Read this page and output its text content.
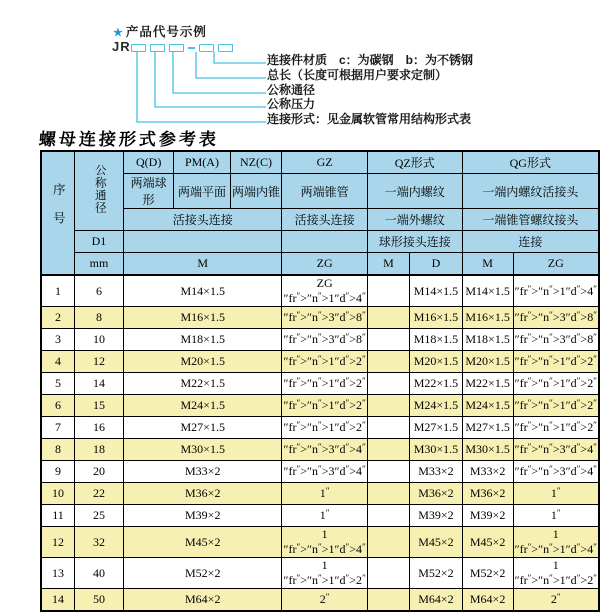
★ 产品代号示例
JR
连接件材质　c：为碳钢　b：为不锈钢
总长（长度可根据用户要求定制）
公称通径
公称压力
连接形式：见金属软管常用结构形式表
螺母连接形式参考表
序号	公称通径	Q(D)	PM(A)	NZ(C)	GZ	QZ形式		QG形式	
		两端球形	两端平面	两端内锥	两端锥管	一端内螺纹		一端内螺纹活接头	
		活接头连接			活接头连接	一端外螺纹		一端锥管螺纹接头	
	D1					球形接头连接		连接	
	mm	M			ZG	M	D	M	ZG
1	6	M14×1.5			ZG ″fr″>″n″>1″d″>4″		M14×1.5	M14×1.5	″fr″>″n″>1″d″>4″
2	8	M16×1.5			″fr″>″n″>3″d″>8″		M16×1.5	M16×1.5	″fr″>″n″>3″d″>8″
3	10	M18×1.5			″fr″>″n″>3″d″>8″		M18×1.5	M18×1.5	″fr″>″n″>3″d″>8″
4	12	M20×1.5			″fr″>″n″>1″d″>2″		M20×1.5	M20×1.5	″fr″>″n″>1″d″>2″
5	14	M22×1.5			″fr″>″n″>1″d″>2″		M22×1.5	M22×1.5	″fr″>″n″>1″d″>2″
6	15	M24×1.5			″fr″>″n″>1″d″>2″		M24×1.5	M24×1.5	″fr″>″n″>1″d″>2″
7	16	M27×1.5			″fr″>″n″>1″d″>2″		M27×1.5	M27×1.5	″fr″>″n″>1″d″>2″
8	18	M30×1.5			″fr″>″n″>3″d″>4″		M30×1.5	M30×1.5	″fr″>″n″>3″d″>4″
9	20	M33×2			″fr″>″n″>3″d″>4″		M33×2	M33×2	″fr″>″n″>3″d″>4″
10	22	M36×2			1″		M36×2	M36×2	1″
11	25	M39×2			1″		M39×2	M39×2	1″
12	32	M45×2			1 ″fr″>″n″>1″d″>4″		M45×2	M45×2	1 ″fr″>″n″>1″d″>4″
13	40	M52×2			1 ″fr″>″n″>1″d″>2″		M52×2	M52×2	1 ″fr″>″n″>1″d″>2″
14	50	M64×2			2″		M64×2	M64×2	2″
